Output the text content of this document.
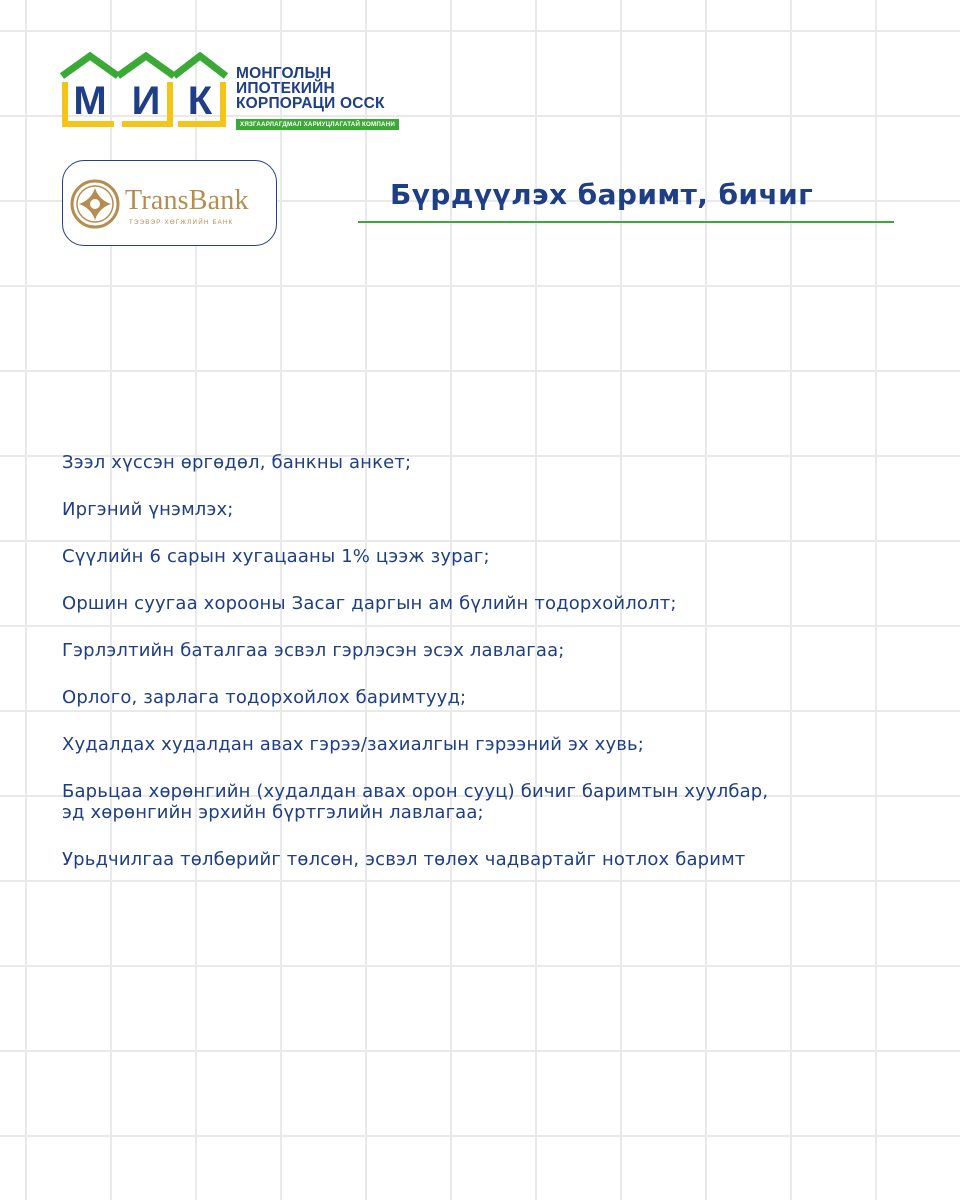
М И К
МОНГОЛЫН
ИПОТЕКИЙН
КОРПОРАЦИ ОССК
ХЯЗГААРЛАГДМАЛ ХАРИУЦЛАГАТАЙ КОМПАНИ
TransBank
ТЭЭВЭР ХӨГЖЛИЙН БАНК
Бүрдүүлэх баримт, бичиг
Зээл хүссэн өргөдөл, банкны анкет;
Иргэний үнэмлэх;
Сүүлийн 6 сарын хугацааны 1% цээж зураг;
Оршин суугаа хорооны Засаг даргын ам бүлийн тодорхойлолт;
Гэрлэлтийн баталгаа эсвэл гэрлэсэн эсэх лавлагаа;
Орлого, зарлага тодорхойлох баримтууд;
Худалдах худалдан авах гэрээ/захиалгын гэрээний эх хувь;
Барьцаа хөрөнгийн (худалдан авах орон сууц) бичиг баримтын хуулбар,
эд хөрөнгийн эрхийн бүртгэлийн лавлагаа;
Урьдчилгаа төлбөрийг төлсөн, эсвэл төлөх чадвартайг нотлох баримт
